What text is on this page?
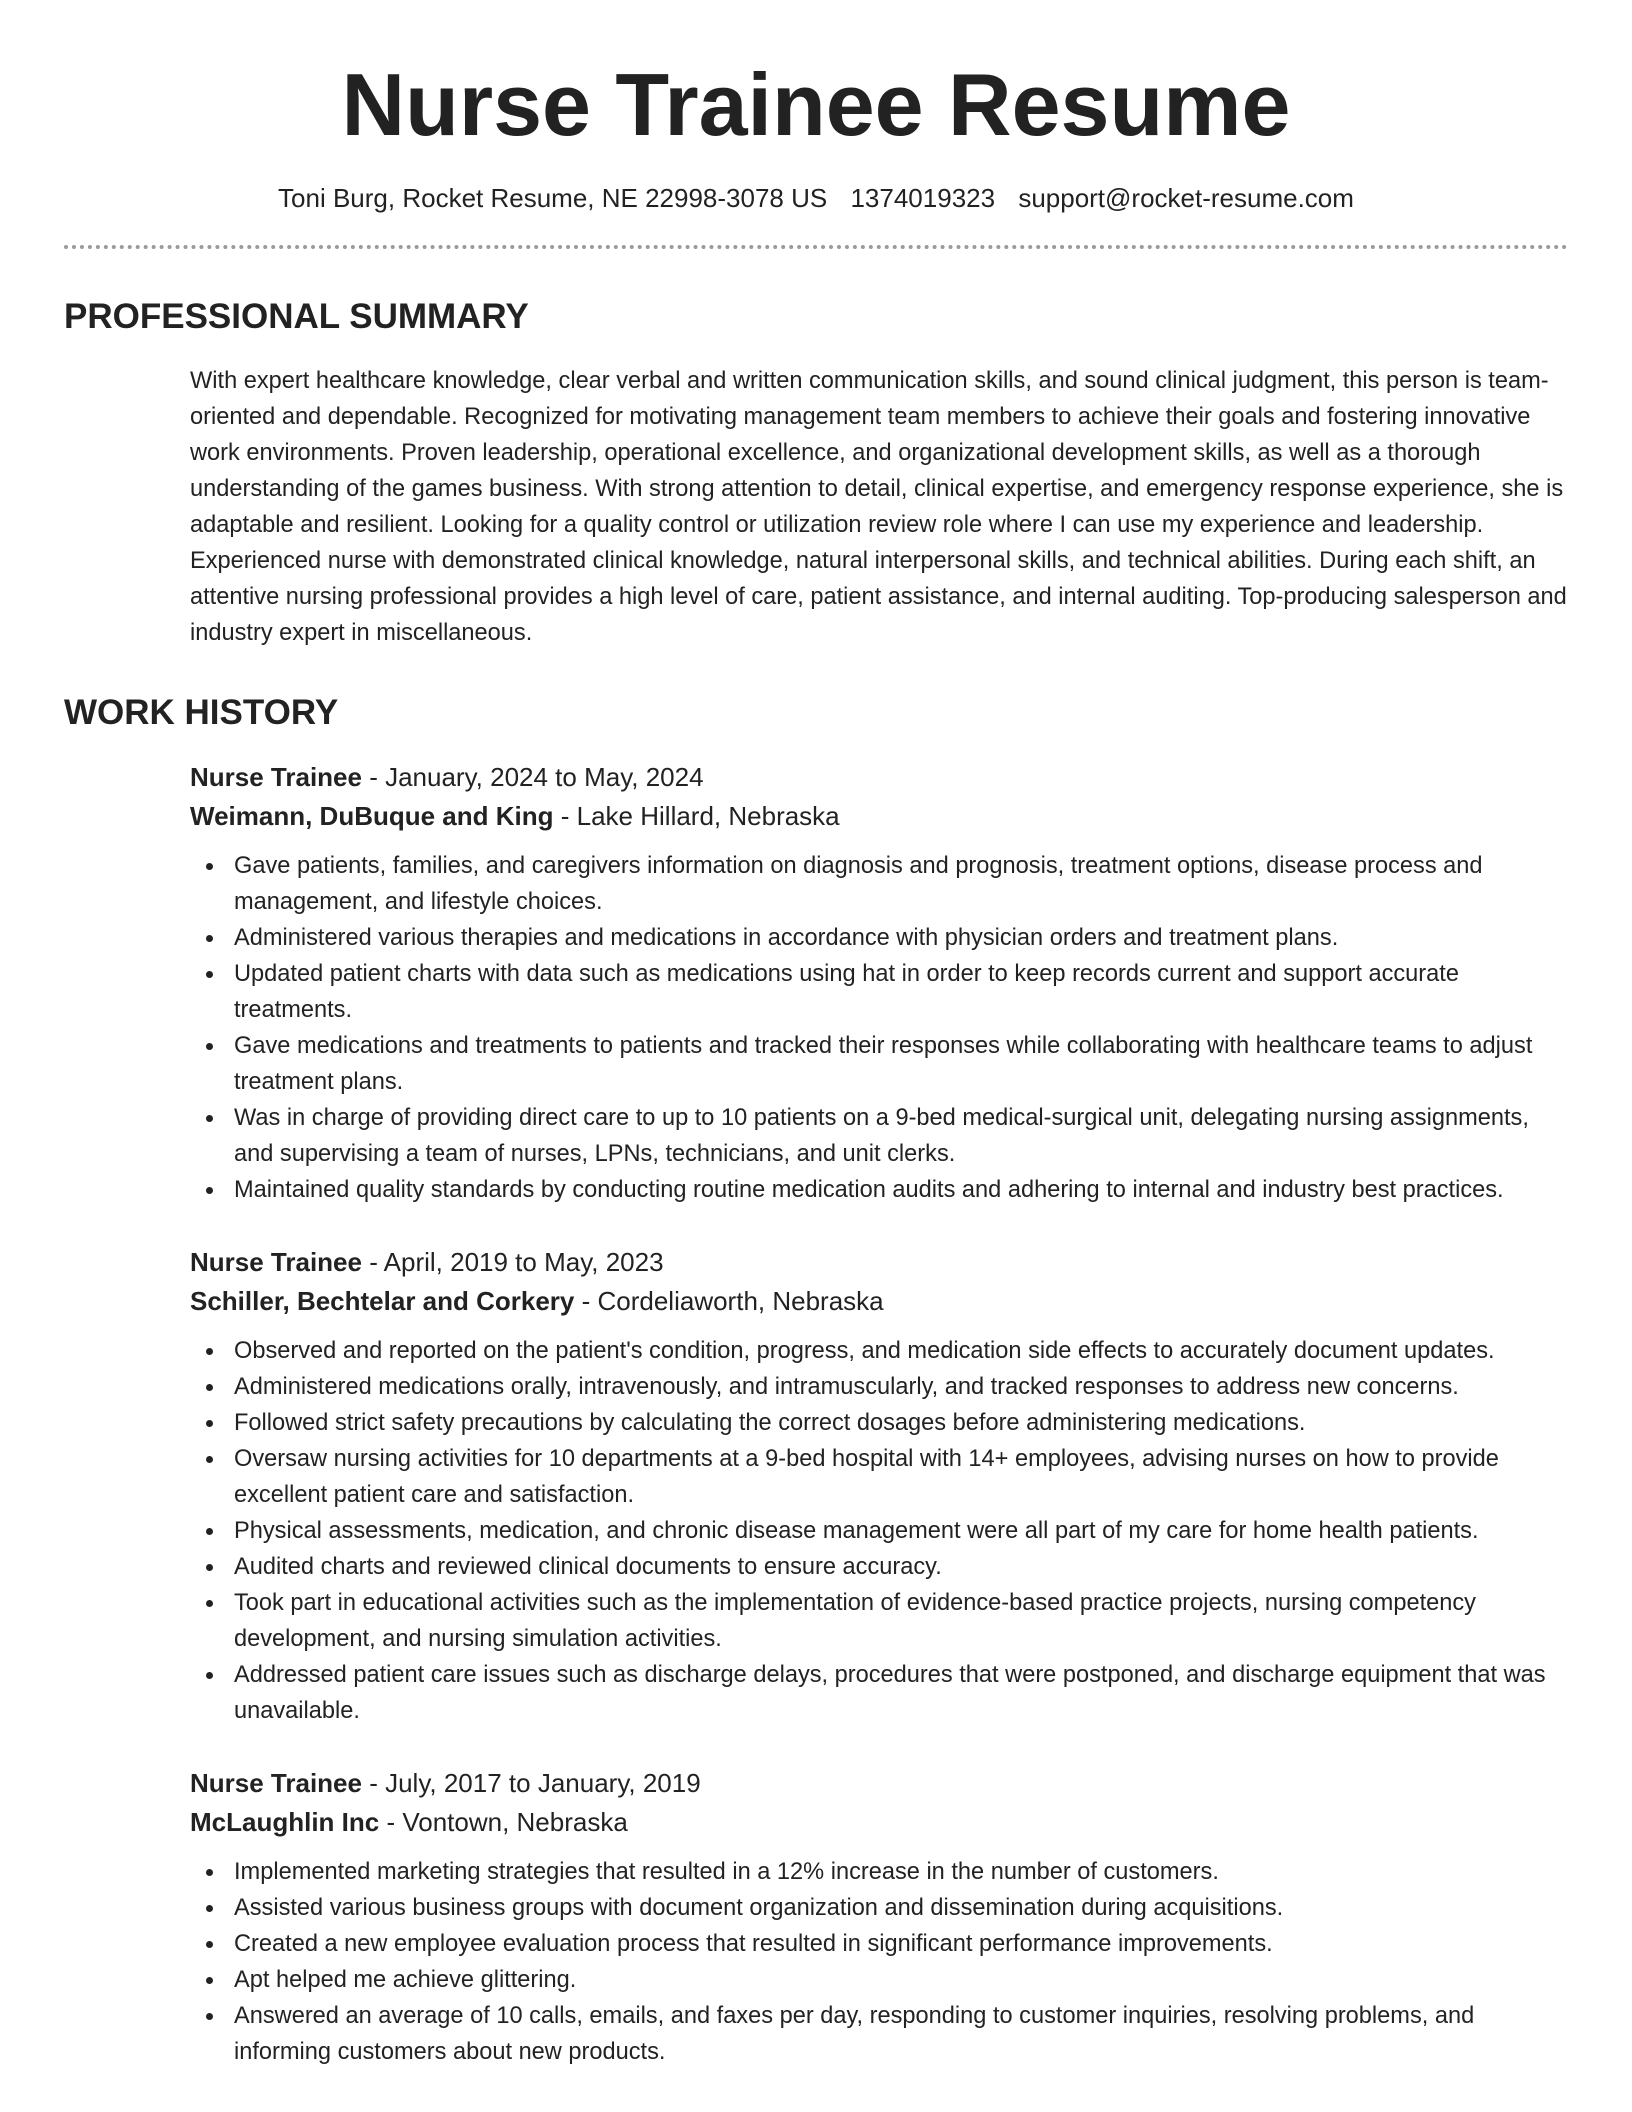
Nurse Trainee Resume
Toni Burg, Rocket Resume, NE 22998-3078 US 1374019323 support@rocket-resume.com
PROFESSIONAL SUMMARY

With expert healthcare knowledge, clear verbal and written communication skills, and sound clinical judgment, this person is team-oriented and dependable. Recognized for motivating management team members to achieve their goals and fostering innovative work environments. Proven leadership, operational excellence, and organizational development skills, as well as a thorough understanding of the games business. With strong attention to detail, clinical expertise, and emergency response experience, she is adaptable and resilient. Looking for a quality control or utilization review role where I can use my experience and leadership. Experienced nurse with demonstrated clinical knowledge, natural interpersonal skills, and technical abilities. During each shift, an attentive nursing professional provides a high level of care, patient assistance, and internal auditing. Top-producing salesperson and industry expert in miscellaneous.

WORK HISTORY
Nurse Trainee - January, 2024 to May, 2024
Weimann, DuBuque and King - Lake Hillard, Nebraska
Gave patients, families, and caregivers information on diagnosis and prognosis, treatment options, disease process and management, and lifestyle choices.
Administered various therapies and medications in accordance with physician orders and treatment plans.
Updated patient charts with data such as medications using hat in order to keep records current and support accurate treatments.
Gave medications and treatments to patients and tracked their responses while collaborating with healthcare teams to adjust treatment plans.
Was in charge of providing direct care to up to 10 patients on a 9-bed medical-surgical unit, delegating nursing assignments, and supervising a team of nurses, LPNs, technicians, and unit clerks.
Maintained quality standards by conducting routine medication audits and adhering to internal and industry best practices.
Nurse Trainee - April, 2019 to May, 2023
Schiller, Bechtelar and Corkery - Cordeliaworth, Nebraska
Observed and reported on the patient's condition, progress, and medication side effects to accurately document updates.
Administered medications orally, intravenously, and intramuscularly, and tracked responses to address new concerns.
Followed strict safety precautions by calculating the correct dosages before administering medications.
Oversaw nursing activities for 10 departments at a 9-bed hospital with 14+ employees, advising nurses on how to provide excellent patient care and satisfaction.
Physical assessments, medication, and chronic disease management were all part of my care for home health patients.
Audited charts and reviewed clinical documents to ensure accuracy.
Took part in educational activities such as the implementation of evidence-based practice projects, nursing competency development, and nursing simulation activities.
Addressed patient care issues such as discharge delays, procedures that were postponed, and discharge equipment that was unavailable.
Nurse Trainee - July, 2017 to January, 2019
McLaughlin Inc - Vontown, Nebraska
Implemented marketing strategies that resulted in a 12% increase in the number of customers.
Assisted various business groups with document organization and dissemination during acquisitions.
Created a new employee evaluation process that resulted in significant performance improvements.
Apt helped me achieve glittering.
Answered an average of 10 calls, emails, and faxes per day, responding to customer inquiries, resolving problems, and informing customers about new products.
